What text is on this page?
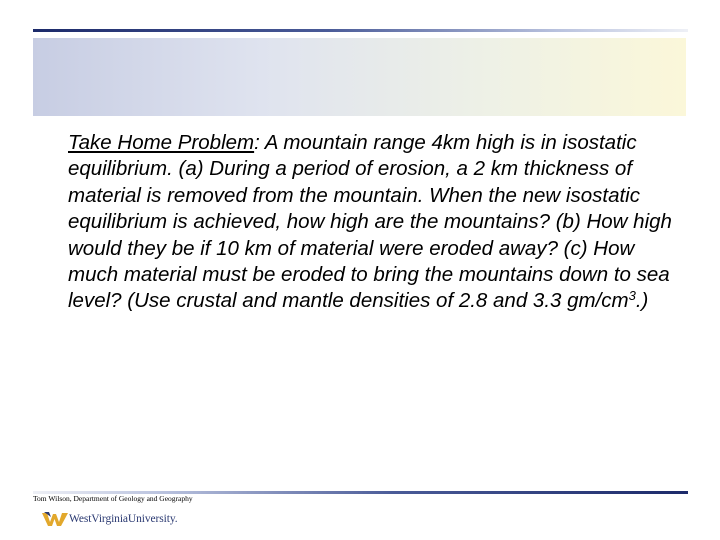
Take Home Problem: A mountain range 4km high is in isostatic equilibrium. (a) During a period of erosion, a 2 km thickness of material is removed from the mountain. When the new isostatic equilibrium is achieved, how high are the mountains? (b) How high would they be if 10 km of material were eroded away? (c) How much material must be eroded to bring the mountains down to sea level? (Use crustal and mantle densities of 2.8 and 3.3 $gm/cm^3$.)

Tom Wilson, Department of Geology and Geography
WestVirginiaUniversity.
